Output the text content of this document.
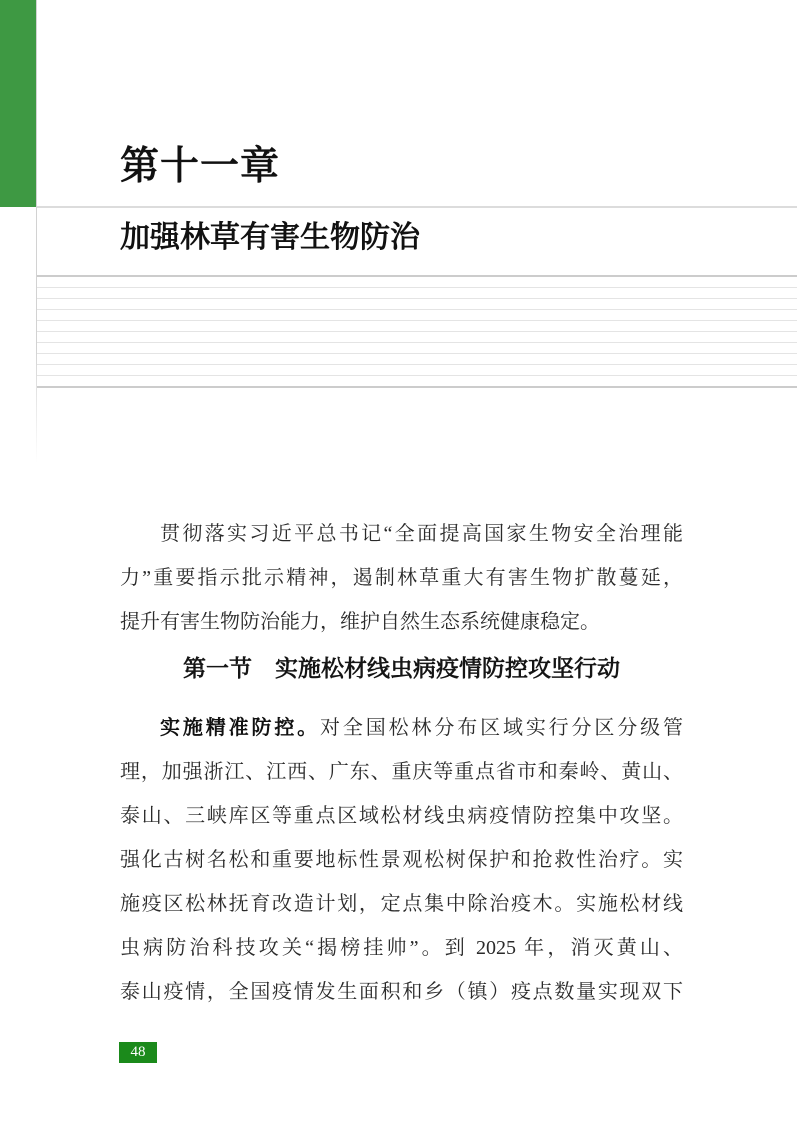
第十一章
加强林草有害生物防治
贯彻落实习近平总书记“全面提高国家生物安全治理能
力”重要指示批示精神，遏制林草重大有害生物扩散蔓延，
提升有害生物防治能力，维护自然生态系统健康稳定。
第一节　实施松材线虫病疫情防控攻坚行动
实施精准防控。对全国松林分布区域实行分区分级管
理，加强浙江、江西、广东、重庆等重点省市和秦岭、黄山、
泰山、三峡库区等重点区域松材线虫病疫情防控集中攻坚。
强化古树名松和重要地标性景观松树保护和抢救性治疗。实
施疫区松林抚育改造计划，定点集中除治疫木。实施松材线
虫病防治科技攻关“揭榜挂帅”。到 2025 年，消灭黄山、
泰山疫情，全国疫情发生面积和乡（镇）疫点数量实现双下
48
